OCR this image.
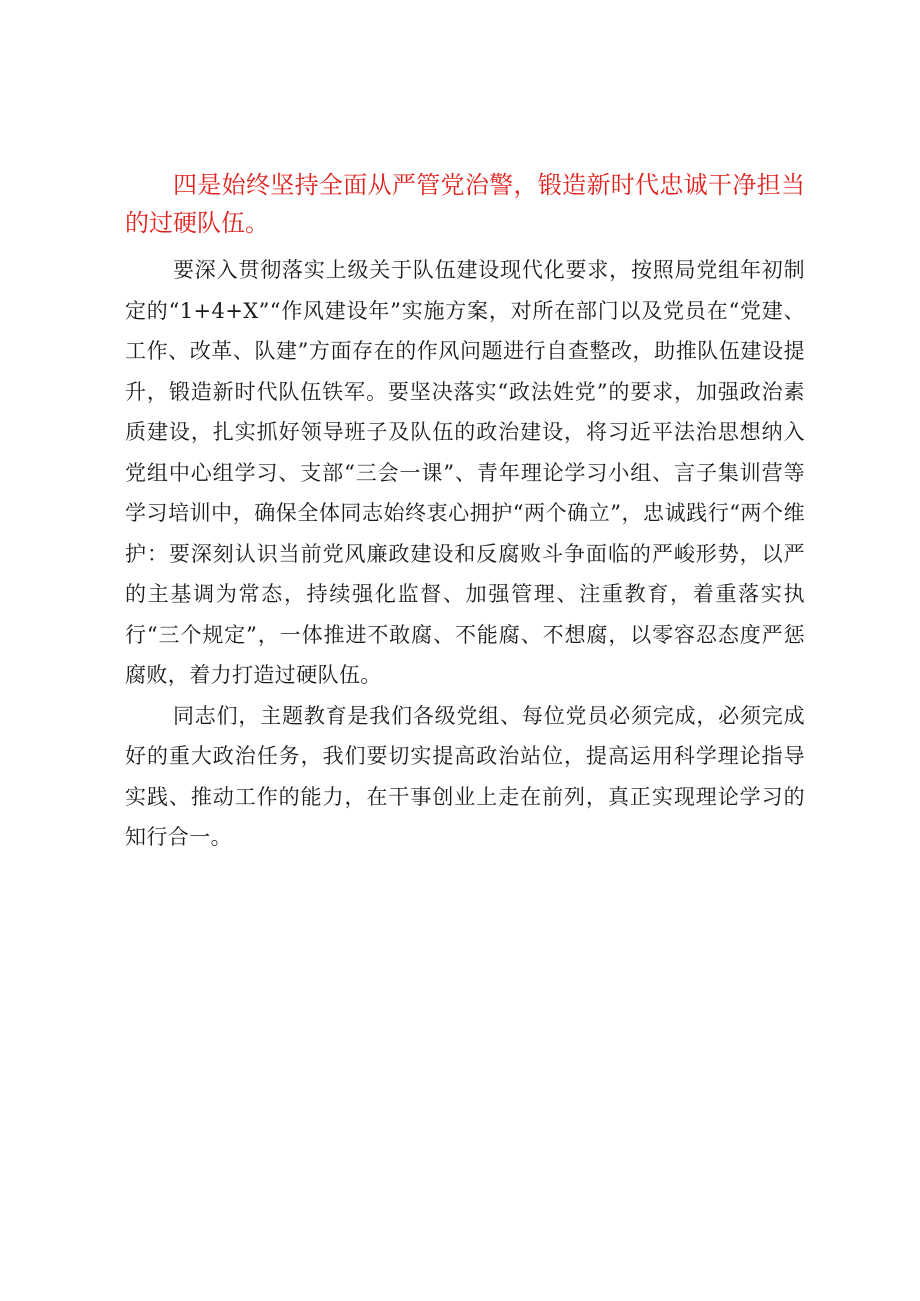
四是始终坚持全面从严管党治警，锻造新时代忠诚干净担当的过硬队伍。

要深入贯彻落实上级关于队伍建设现代化要求，按照局党组年初制定的“1+4+X”“作风建设年”实施方案，对所在部门以及党员在“党建、工作、改革、队建”方面存在的作风问题进行自查整改，助推队伍建设提升，锻造新时代队伍铁军。要坚决落实“政法姓党”的要求，加强政治素质建设，扎实抓好领导班子及队伍的政治建设，将习近平法治思想纳入党组中心组学习、支部“三会一课”、青年理论学习小组、言子集训营等学习培训中，确保全体同志始终衷心拥护“两个确立”，忠诚践行“两个维护：要深刻认识当前党风廉政建设和反腐败斗争面临的严峻形势，以严的主基调为常态，持续强化监督、加强管理、注重教育，着重落实执行“三个规定”，一体推进不敢腐、不能腐、不想腐，以零容忍态度严惩腐败，着力打造过硬队伍。

同志们，主题教育是我们各级党组、每位党员必须完成，必须完成好的重大政治任务，我们要切实提高政治站位，提高运用科学理论指导实践、推动工作的能力，在干事创业上走在前列，真正实现理论学习的知行合一。
